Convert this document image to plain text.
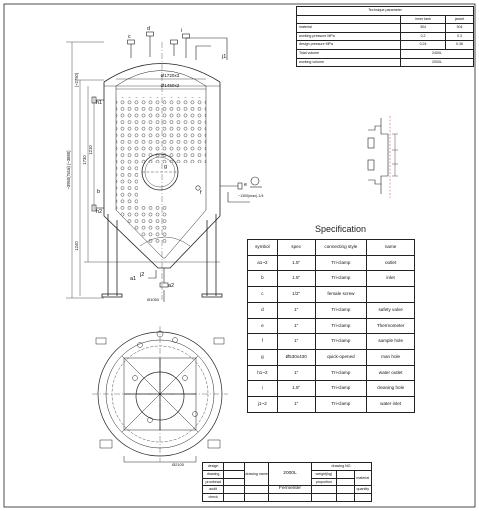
Ø1720x3
Ø1450x2
~3950(Total) (~3880)
(~2750)
1730
1240
1210
~1300(max)-1/4
Ø1050
h1
h2
b
a1
a2
c
d
e
f
g
i
j1
j2
Ø2100
Specification
Technique parameter		
	inner tank	jacket
material	304	304
working pressure MPa	0.2	0.3
design pressure MPa	0.24	0.36
Total volume	2400L	
working volume	2000L	
symbol	spec	connecting style	name
a1~2	1.5"	Tri-clamp	outlet
b	1.5"	Tri-clamp	inlet
c	1/2"	female screw	
d	1"	Tri-clamp	safety valve
e	1"	Tri-clamp	Thermometer
f	1"	Tri-clamp	sample hole
g	Ø530x430	quick-opened	man hole
h1~2	1"	Tri-clamp	water outlet
i	1.5"	Tri-clamp	cleaning hole
j1~2	1"	Tri-clamp	water inlet
design		drawing name	2000L	drawing NO.		
drawing				weight(kg)		material
proofread				proportion		
audit			Fermenter			quantity
check						
